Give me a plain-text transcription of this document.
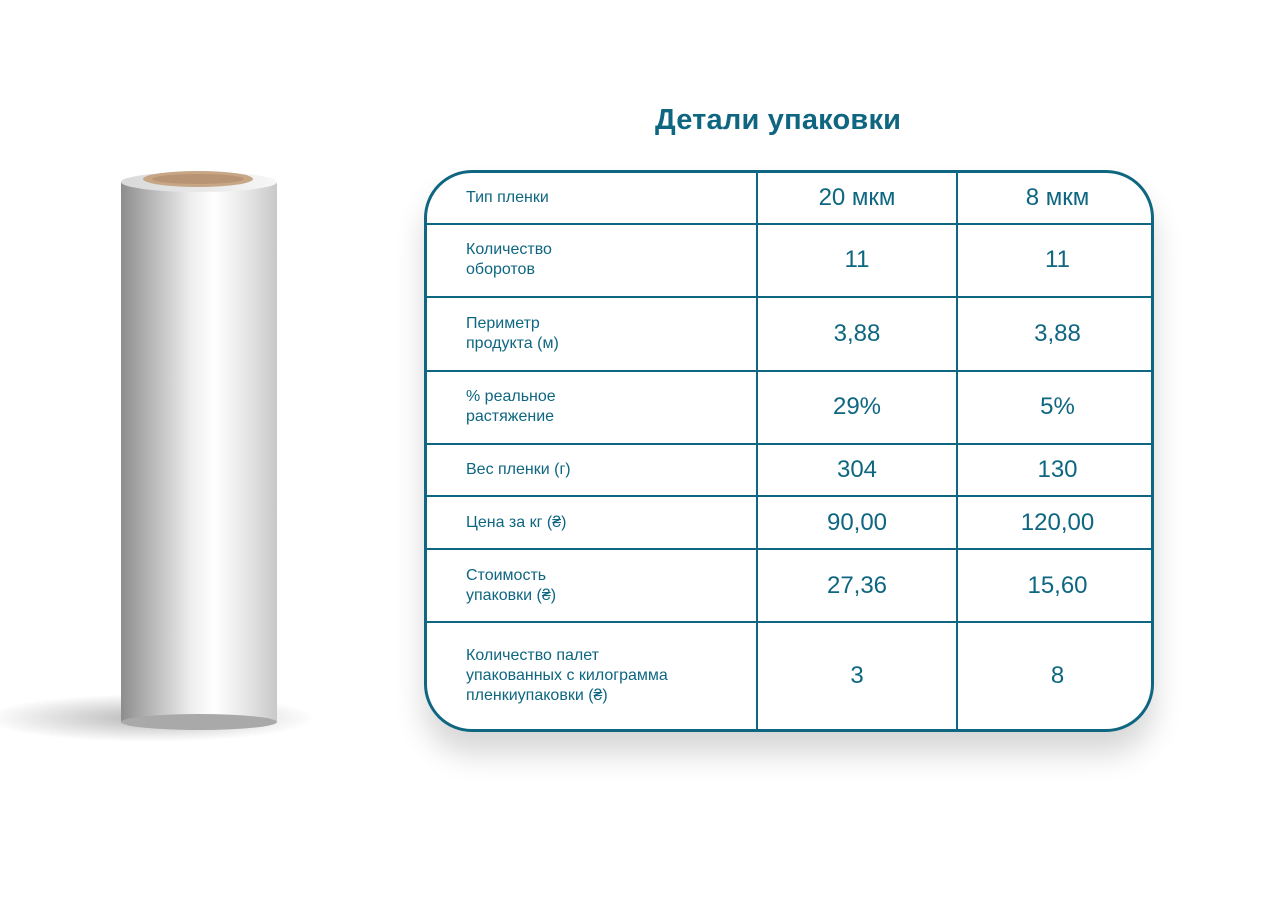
Детали упаковки
Тип пленки	20 мкм	8 мкм
Количество
оборотов	11	11
Периметр
продукта (м)	3,88	3,88
% реальное
растяжение	29%	5%
Вес пленки (г)	304	130
Цена за кг (₴)	90,00	120,00
Стоимость
упаковки (₴)	27,36	15,60
Количество палет
упакованных с килограмма
пленкиупаковки (₴)	3	8
